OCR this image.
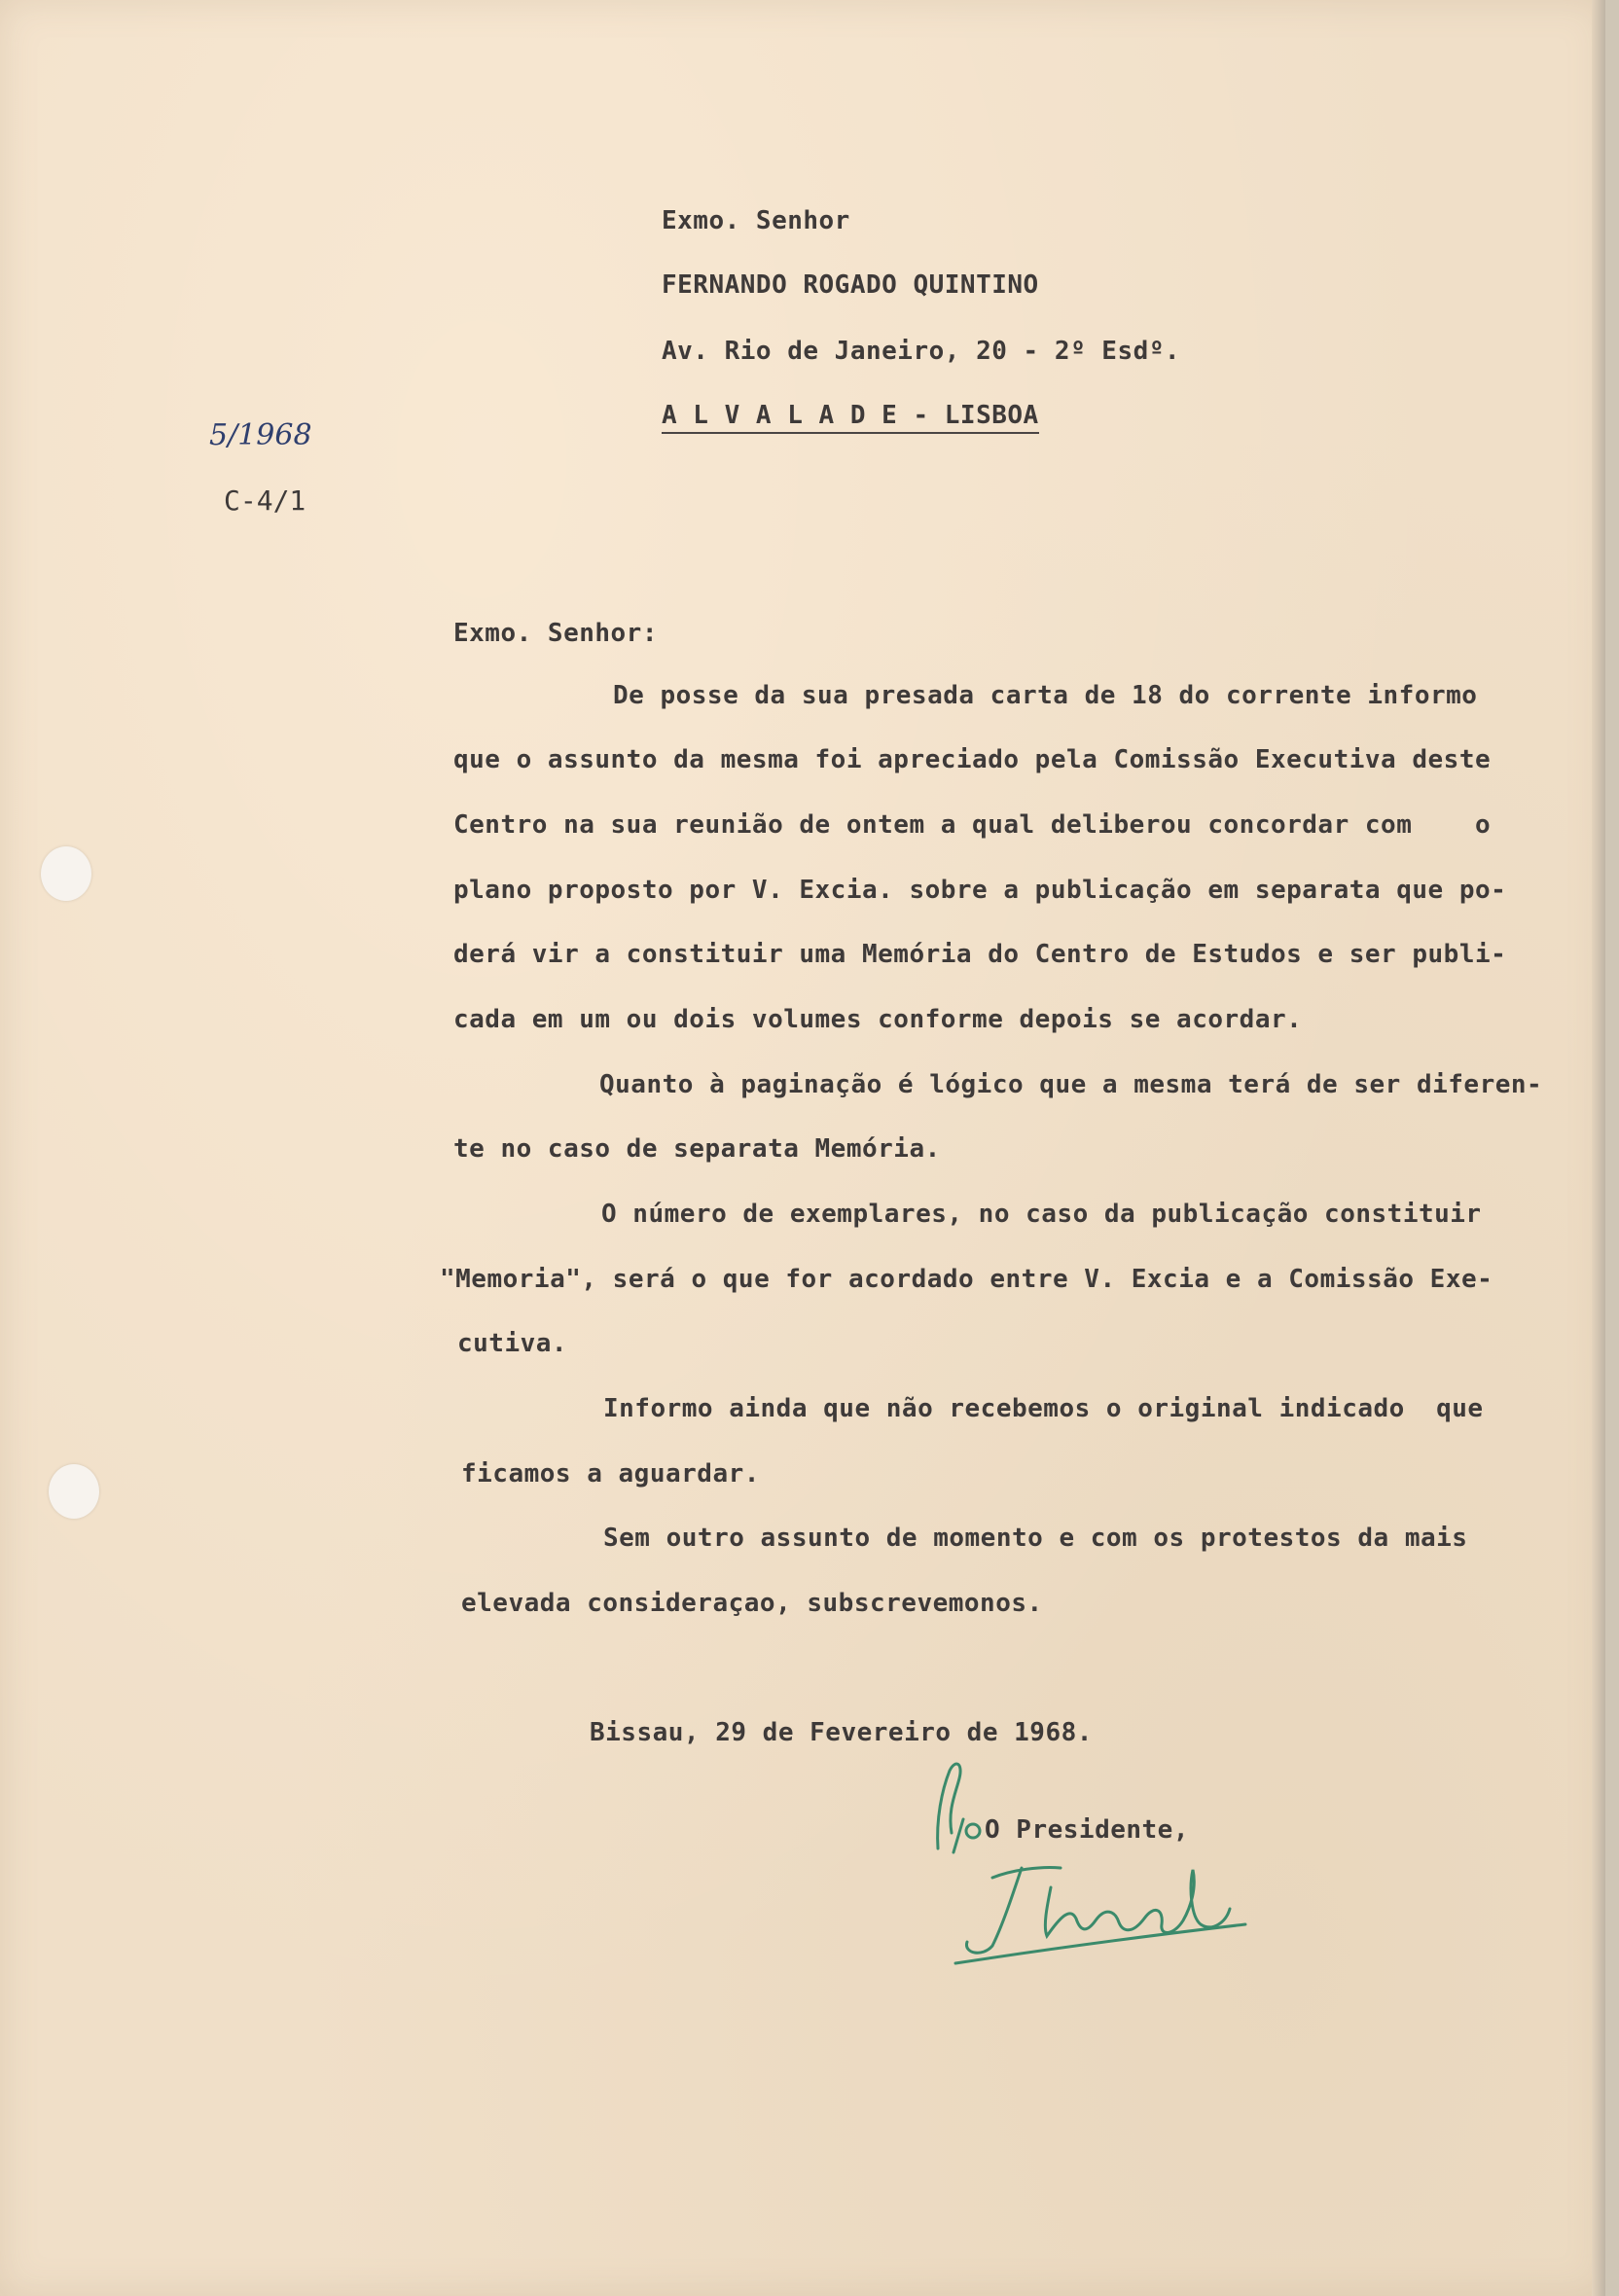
Exmo. Senhor
FERNANDO ROGADO QUINTINO
Av. Rio de Janeiro, 20 - 2º Esdº.
A L V A L A D E - LISBOA
5/1968
C-4/1
Exmo. Senhor:
De posse da sua presada carta de 18 do corrente informo
que o assunto da mesma foi apreciado pela Comissão Executiva deste
Centro na sua reunião de ontem a qual deliberou concordar com    o
plano proposto por V. Excia. sobre a publicação em separata que po-
derá vir a constituir uma Memória do Centro de Estudos e ser publi-
cada em um ou dois volumes conforme depois se acordar.
Quanto à paginação é lógico que a mesma terá de ser diferen-
te no caso de separata Memória.
O número de exemplares, no caso da publicação constituir
"Memoria", será o que for acordado entre V. Excia e a Comissão Exe-
cutiva.
Informo ainda que não recebemos o original indicado  que
ficamos a aguardar.
Sem outro assunto de momento e com os protestos da mais
elevada consideraçao, subscrevemonos.
Bissau, 29 de Fevereiro de 1968.
O Presidente,
